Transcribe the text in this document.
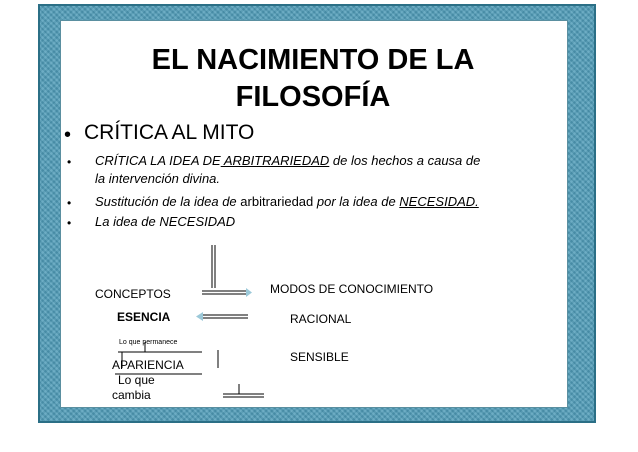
EL NACIMIENTO DE LA
FILOSOFÍA
• CRÍTICA AL MITO
• CRÍTICA LA IDEA DE ARBITRARIEDAD de los hechos a causa de
la intervención divina.
• Sustitución de la idea de arbitrariedad por la idea de NECESIDAD.
• La idea de NECESIDAD
CONCEPTOS	MODOS DE CONOCIMIENTO
ESENCIA	RACIONAL
Lo que permanece
APARIENCIA
SENSIBLE
Lo que
cambia
